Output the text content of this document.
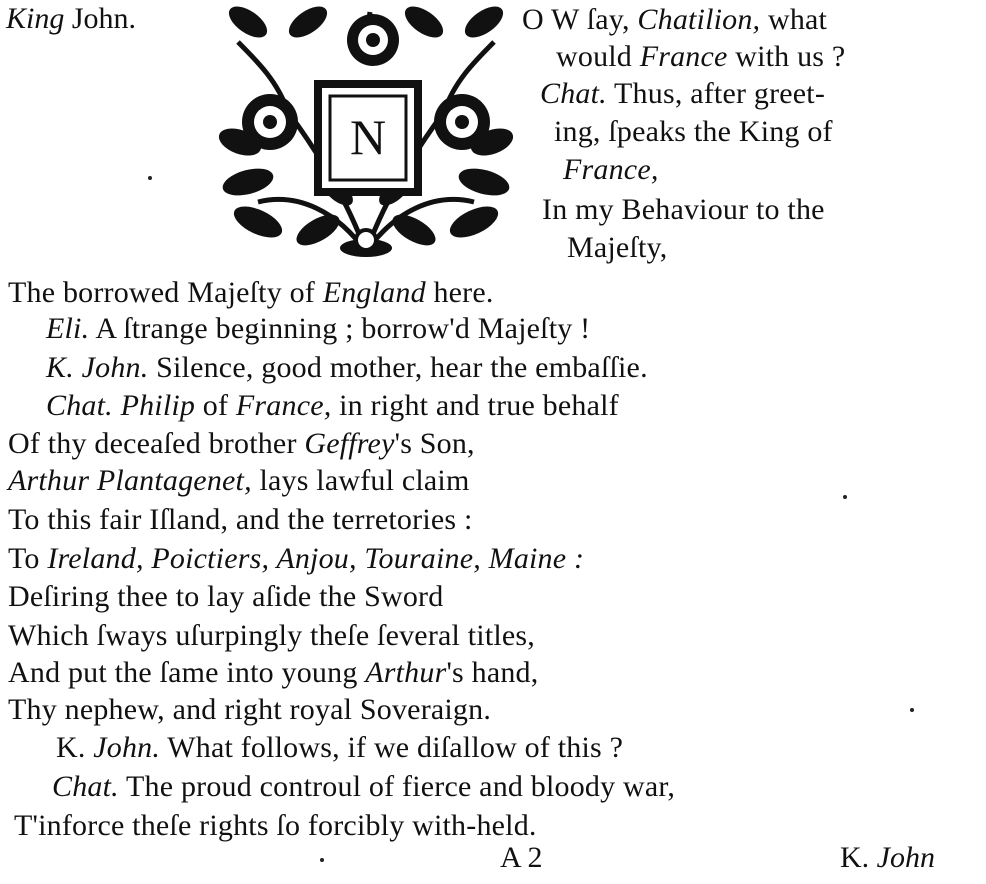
King John.
N
O W ſay, Chatilion, what
would France with us ?
Chat. Thus, after greet-
ing, ſpeaks the King of
France,
In my Behaviour to the
Majeſty,
The borrowed Majeſty of England here.
Eli. A ſtrange beginning ; borrow'd Majeſty !
K. John. Silence, good mother, hear the embaſſie.
Chat. Philip of France, in right and true behalf
Of thy deceaſed brother Geffrey's Son,
Arthur Plantagenet, lays lawful claim
To this fair Iſland, and the terretories :
To Ireland, Poictiers, Anjou, Touraine, Maine :
Deſiring thee to lay aſide the Sword
Which ſways uſurpingly theſe ſeveral titles,
And put the ſame into young Arthur's hand,
Thy nephew, and right royal Soveraign.
K. John. What follows, if we diſallow of this ?
Chat. The proud controul of fierce and bloody war,
T'inforce theſe rights ſo forcibly with-held.
A 2	K. John
